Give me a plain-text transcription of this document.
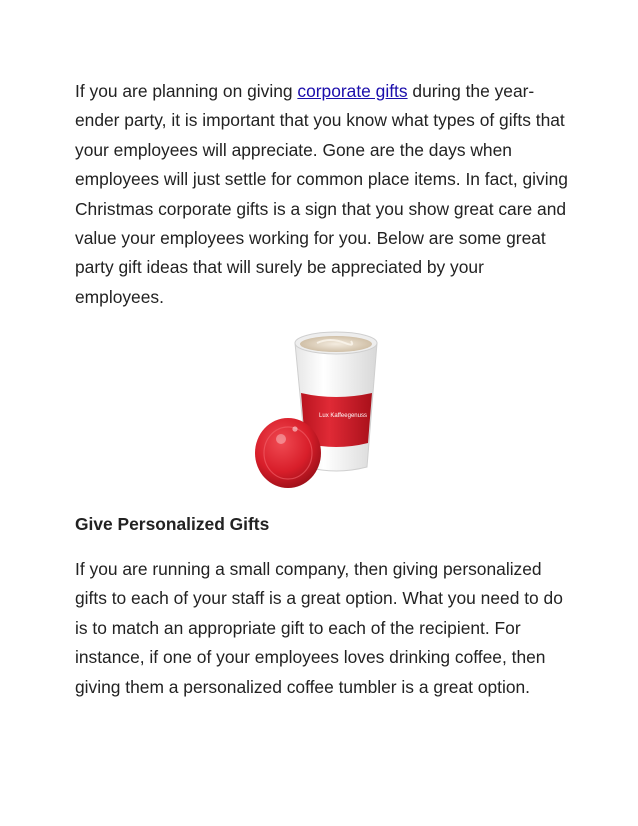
If you are planning on giving corporate gifts during the year-ender party, it is important that you know what types of gifts that your employees will appreciate. Gone are the days when employees will just settle for common place items. In fact, giving Christmas corporate gifts is a sign that you show great care and value your employees working for you. Below are some great party gift ideas that will surely be appreciated by your employees.

Lux Kaffeegenuss
Give Personalized Gifts

If you are running a small company, then giving personalized gifts to each of your staff is a great option. What you need to do is to match an appropriate gift to each of the recipient. For instance, if one of your employees loves drinking coffee, then giving them a personalized coffee tumbler is a great option.
